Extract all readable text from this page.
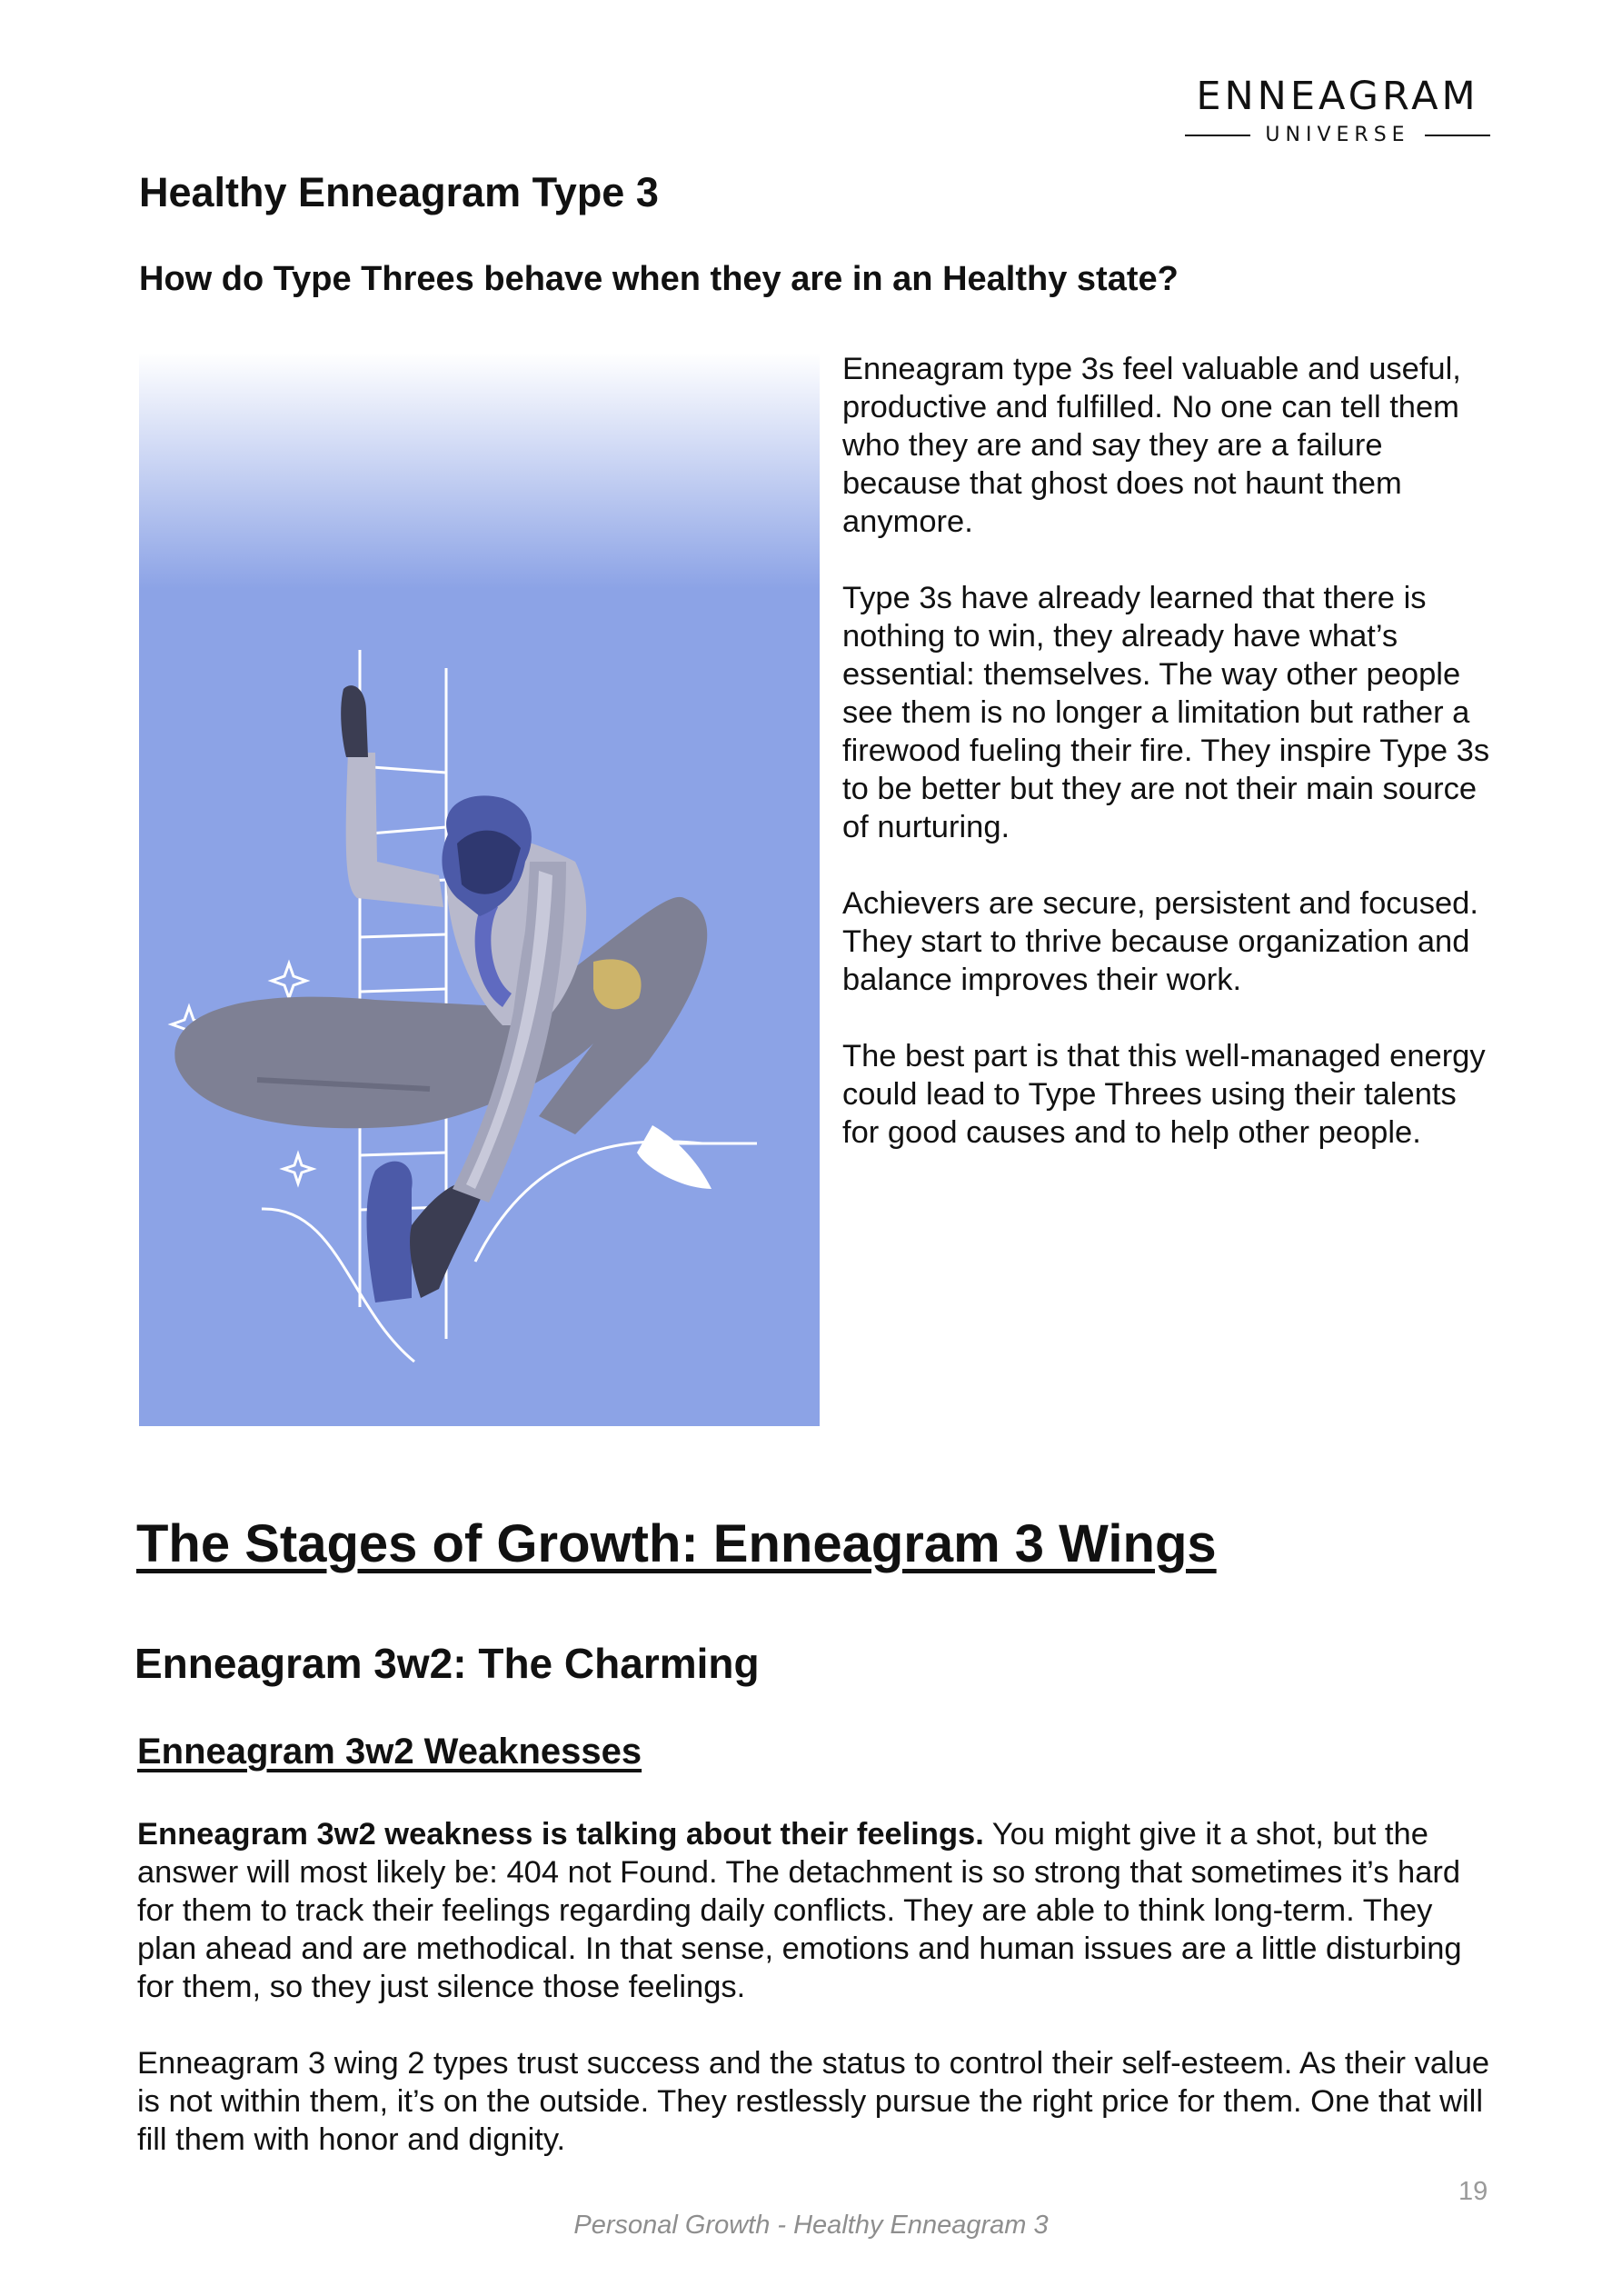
ENNEAGRAM
UNIVERSE
Healthy Enneagram Type 3
How do Type Threes behave when they are in an Healthy state?

Enneagram type 3s feel valuable and useful, productive and fulfilled. No one can tell them who they are and say they are a failure because that ghost does not haunt them anymore.

Type 3s have already learned that there is nothing to win, they already have what’s essential: themselves. The way other people see them is no longer a limitation but rather a firewood fueling their fire. They inspire Type 3s to be better but they are not their main source of nurturing.

Achievers are secure, persistent and focused. They start to thrive because organization and balance improves their work.

The best part is that this well-managed energy could lead to Type Threes using their talents for good causes and to help other people.

The Stages of Growth: Enneagram 3 Wings
Enneagram 3w2: The Charming
Enneagram 3w2 Weaknesses

Enneagram 3w2 weakness is talking about their feelings. You might give it a shot, but the answer will most likely be: 404 not Found. The detachment is so strong that sometimes it’s hard for them to track their feelings regarding daily conflicts. They are able to think long-term. They plan ahead and are methodical. In that sense, emotions and human issues are a little disturbing for them, so they just silence those feelings.

Enneagram 3 wing 2 types trust success and the status to control their self-esteem. As their value is not within them, it’s on the outside. They restlessly pursue the right price for them. One that will fill them with honor and dignity.

19
Personal Growth - Healthy Enneagram 3
